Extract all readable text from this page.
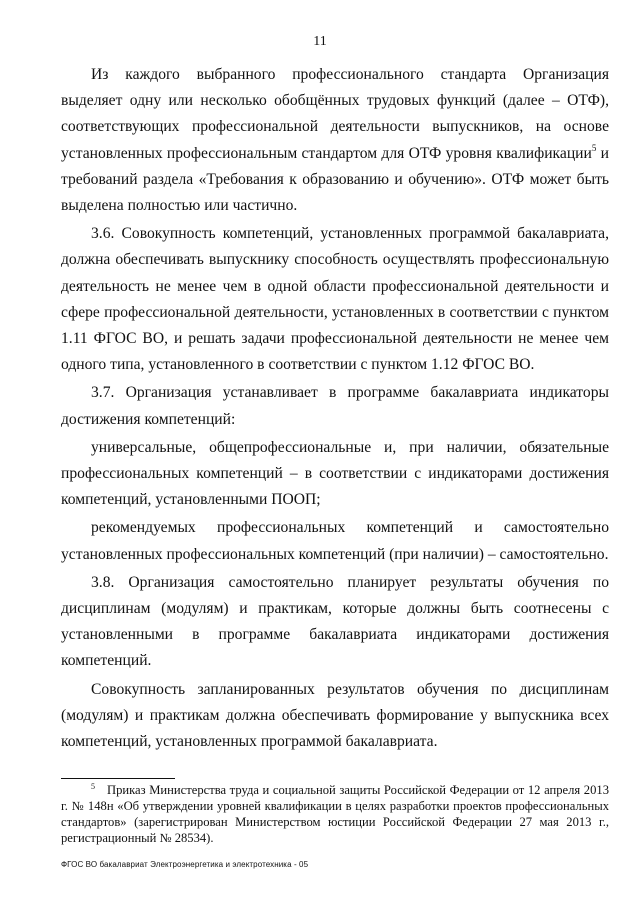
11

Из каждого выбранного профессионального стандарта Организация выделяет одну или несколько обобщённых трудовых функций (далее – ОТФ), соответствующих профессиональной деятельности выпускников, на основе установленных профессиональным стандартом для ОТФ уровня квалификации$^5$ и требований раздела «Требования к образованию и обучению». ОТФ может быть выделена полностью или частично.

3.6. Совокупность компетенций, установленных программой бакалавриата, должна обеспечивать выпускнику способность осуществлять профессиональную деятельность не менее чем в одной области профессиональной деятельности и сфере профессиональной деятельности, установленных в соответствии с пунктом 1.11 ФГОС ВО, и решать задачи профессиональной деятельности не менее чем одного типа, установленного в соответствии с пунктом 1.12 ФГОС ВО.

3.7. Организация устанавливает в программе бакалавриата индикаторы достижения компетенций:

универсальные, общепрофессиональные и, при наличии, обязательные профессиональных компетенций – в соответствии с индикаторами достижения компетенций, установленными ПООП;

рекомендуемых профессиональных компетенций и самостоятельно установленных профессиональных компетенций (при наличии) – самостоятельно.

3.8. Организация самостоятельно планирует результаты обучения по дисциплинам (модулям) и практикам, которые должны быть соотнесены с установленными в программе бакалавриата индикаторами достижения компетенций.

Совокупность запланированных результатов обучения по дисциплинам (модулям) и практикам должна обеспечивать формирование у выпускника всех компетенций, установленных программой бакалавриата.

$^5$ Приказ Министерства труда и социальной защиты Российской Федерации от 12 апреля 2013 г. № 148н «Об утверждении уровней квалификации в целях разработки проектов профессиональных стандартов» (зарегистрирован Министерством юстиции Российской Федерации 27 мая 2013 г., регистрационный № 28534).
ФГОС ВО бакалавриат Электроэнергетика и электротехника - 05
